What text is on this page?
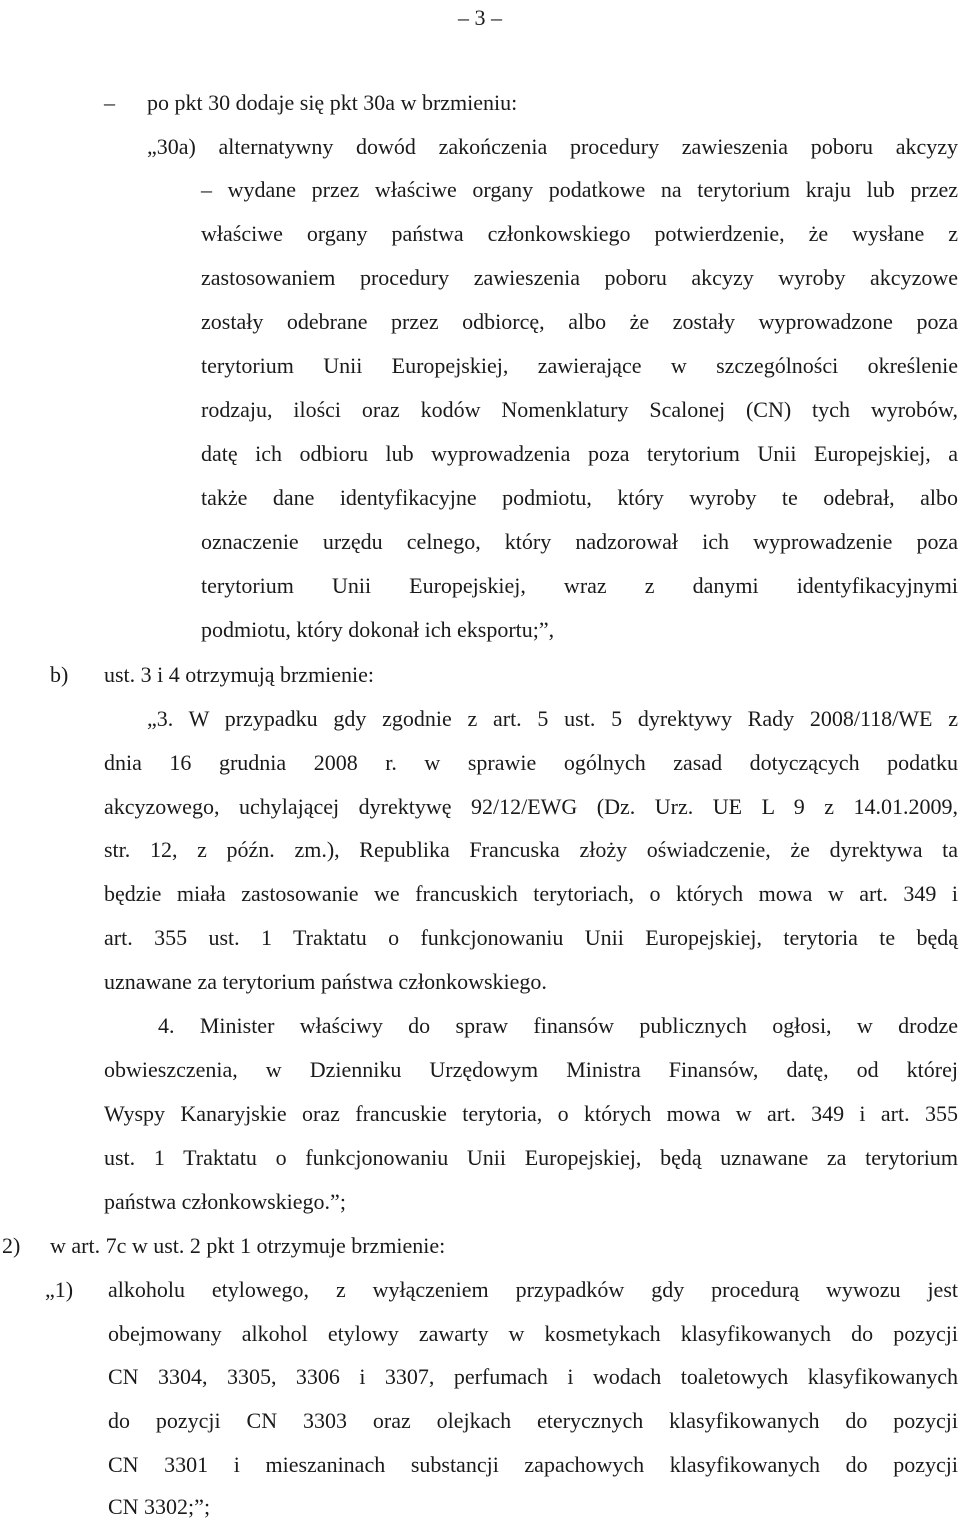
– 3 –
– po pkt 30 dodaje się pkt 30a w brzmieniu:
„30a) alternatywny dowód zakończenia procedury zawieszenia poboru akcyzy
– wydane przez właściwe organy podatkowe na terytorium kraju lub przez
właściwe organy państwa członkowskiego potwierdzenie, że wysłane z
zastosowaniem procedury zawieszenia poboru akcyzy wyroby akcyzowe
zostały odebrane przez odbiorcę, albo że zostały wyprowadzone poza
terytorium Unii Europejskiej, zawierające w szczególności określenie
rodzaju, ilości oraz kodów Nomenklatury Scalonej (CN) tych wyrobów,
datę ich odbioru lub wyprowadzenia poza terytorium Unii Europejskiej, a
także dane identyfikacyjne podmiotu, który wyroby te odebrał, albo
oznaczenie urzędu celnego, który nadzorował ich wyprowadzenie poza
terytorium Unii Europejskiej, wraz z danymi identyfikacyjnymi
podmiotu, który dokonał ich eksportu;”,
b) ust. 3 i 4 otrzymują brzmienie:
„3. W przypadku gdy zgodnie z art. 5 ust. 5 dyrektywy Rady 2008/118/WE z
dnia 16 grudnia 2008 r. w sprawie ogólnych zasad dotyczących podatku
akcyzowego, uchylającej dyrektywę 92/12/EWG (Dz. Urz. UE L 9 z 14.01.2009,
str. 12, z późn. zm.), Republika Francuska złoży oświadczenie, że dyrektywa ta
będzie miała zastosowanie we francuskich terytoriach, o których mowa w art. 349 i
art. 355 ust. 1 Traktatu o funkcjonowaniu Unii Europejskiej, terytoria te będą
uznawane za terytorium państwa członkowskiego.
4. Minister właściwy do spraw finansów publicznych ogłosi, w drodze
obwieszczenia, w Dzienniku Urzędowym Ministra Finansów, datę, od której
Wyspy Kanaryjskie oraz francuskie terytoria, o których mowa w art. 349 i art. 355
ust. 1 Traktatu o funkcjonowaniu Unii Europejskiej, będą uznawane za terytorium
państwa członkowskiego.”;
2) w art. 7c w ust. 2 pkt 1 otrzymuje brzmienie:
„1) alkoholu etylowego, z wyłączeniem przypadków gdy procedurą wywozu jest
obejmowany alkohol etylowy zawarty w kosmetykach klasyfikowanych do pozycji
CN 3304, 3305, 3306 i 3307, perfumach i wodach toaletowych klasyfikowanych
do pozycji CN 3303 oraz olejkach eterycznych klasyfikowanych do pozycji
CN 3301 i mieszaninach substancji zapachowych klasyfikowanych do pozycji
CN 3302;”;
